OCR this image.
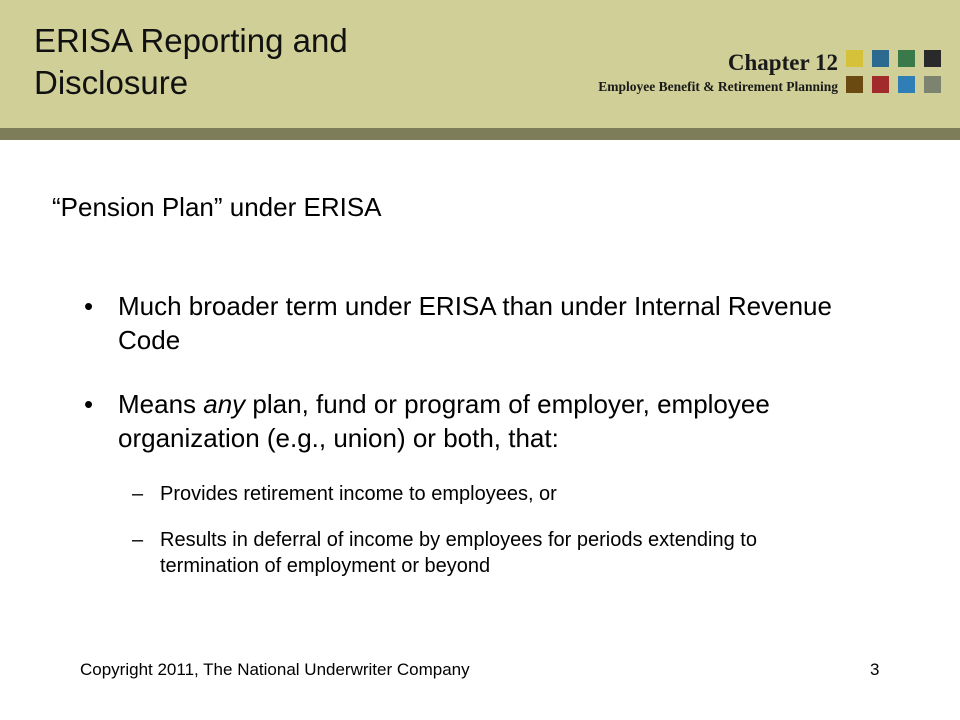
ERISA Reporting and
Disclosure
Chapter 12
Employee Benefit & Retirement Planning
“Pension Plan” under ERISA
• Much broader term under ERISA than under Internal Revenue Code
• Means any plan, fund or program of employer, employee organization (e.g., union) or both, that:
– Provides retirement income to employees, or
– Results in deferral of income by employees for periods extending to termination of employment or beyond
Copyright 2011, The National Underwriter Company	3
